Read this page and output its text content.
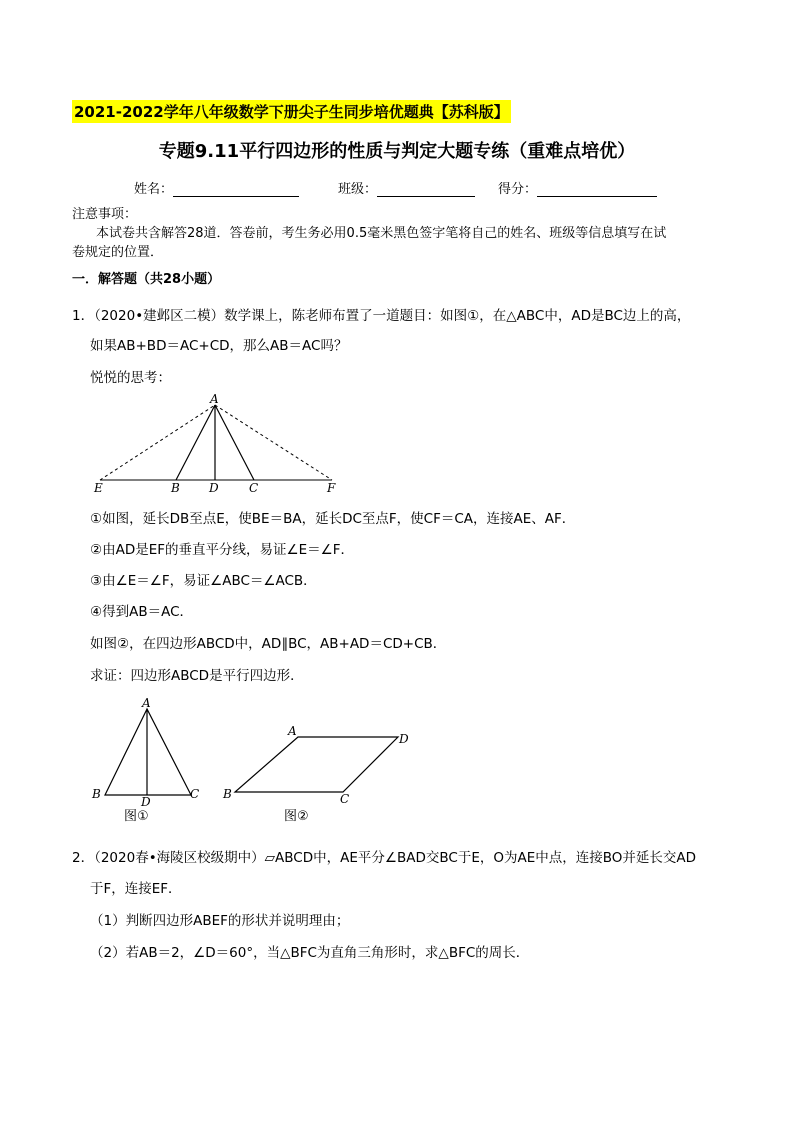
2021-2022学年八年级数学下册尖子生同步培优题典【苏科版】
专题9.11平行四边形的性质与判定大题专练（重难点培优）
姓名：	班级：	得分：
注意事项：
本试卷共含解答28道．答卷前，考生务必用0.5毫米黑色签字笔将自己的姓名、班级等信息填写在试
卷规定的位置．
一．解答题（共28小题）
1．（2020•建邺区二模）数学课上，陈老师布置了一道题目：如图①，在△ABC中，AD是BC边上的高，
如果AB+BD＝AC+CD，那么AB＝AC吗？
悦悦的思考：
A
E	B D	C	F
①如图，延长DB至点E，使BE＝BA，延长DC至点F，使CF＝CA，连接AE、AF．
②由AD是EF的垂直平分线，易证∠E＝∠F．
③由∠E＝∠F，易证∠ABC＝∠ACB．
④得到AB＝AC．
如图②，在四边形ABCD中，AD∥BC，AB+AD＝CD+CB．
求证：四边形ABCD是平行四边形．
A
B
D
C
图①
A
D
B	C
图②
2．（2020春•海陵区校级期中）▱ABCD中，AE平分∠BAD交BC于E，O为AE中点，连接BO并延长交AD
于F，连接EF．
（1）判断四边形ABEF的形状并说明理由；
（2）若AB＝2，∠D＝60°，当△BFC为直角三角形时，求△BFC的周长．
